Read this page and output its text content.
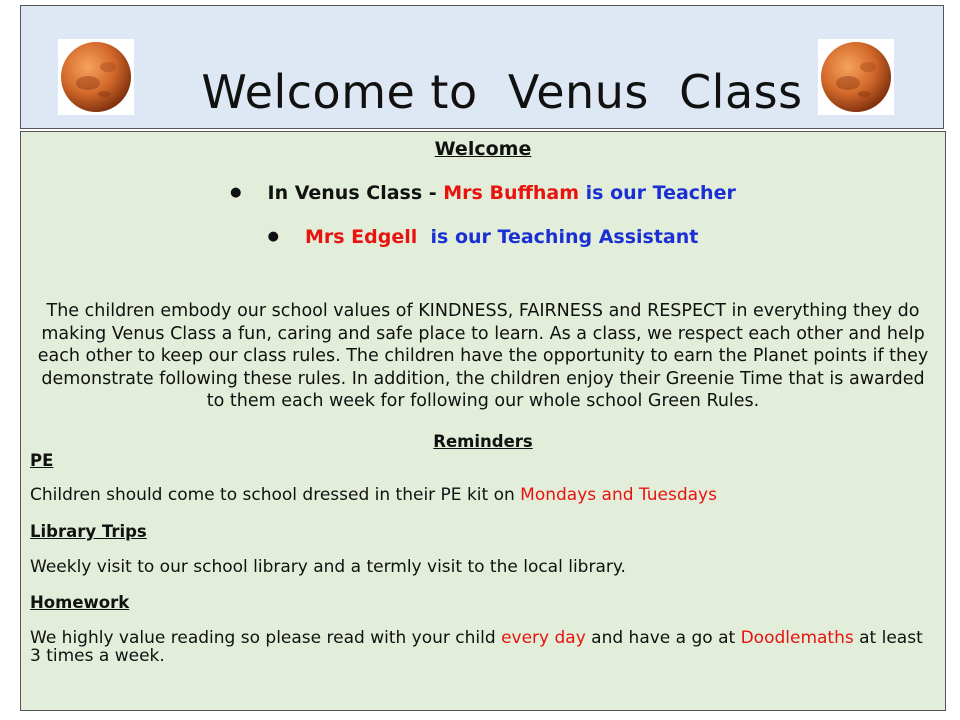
Welcome to  Venus  Class
Welcome
● In Venus Class - Mrs Buffham is our Teacher
● Mrs Edgell  is our Teaching Assistant
The children embody our school values of KINDNESS, FAIRNESS and RESPECT in everything they do making Venus Class a fun, caring and safe place to learn. As a class, we respect each other and help each other to keep our class rules. The children have the opportunity to earn the Planet points if they demonstrate following these rules. In addition, the children enjoy their Greenie Time that is awarded to them each week for following our whole school Green Rules.
Reminders
PE
Children should come to school dressed in their PE kit on Mondays and Tuesdays
Library Trips
Weekly visit to our school library and a termly visit to the local library.
Homework
We highly value reading so please read with your child every day and have a go at Doodlemaths at least 3 times a week.
